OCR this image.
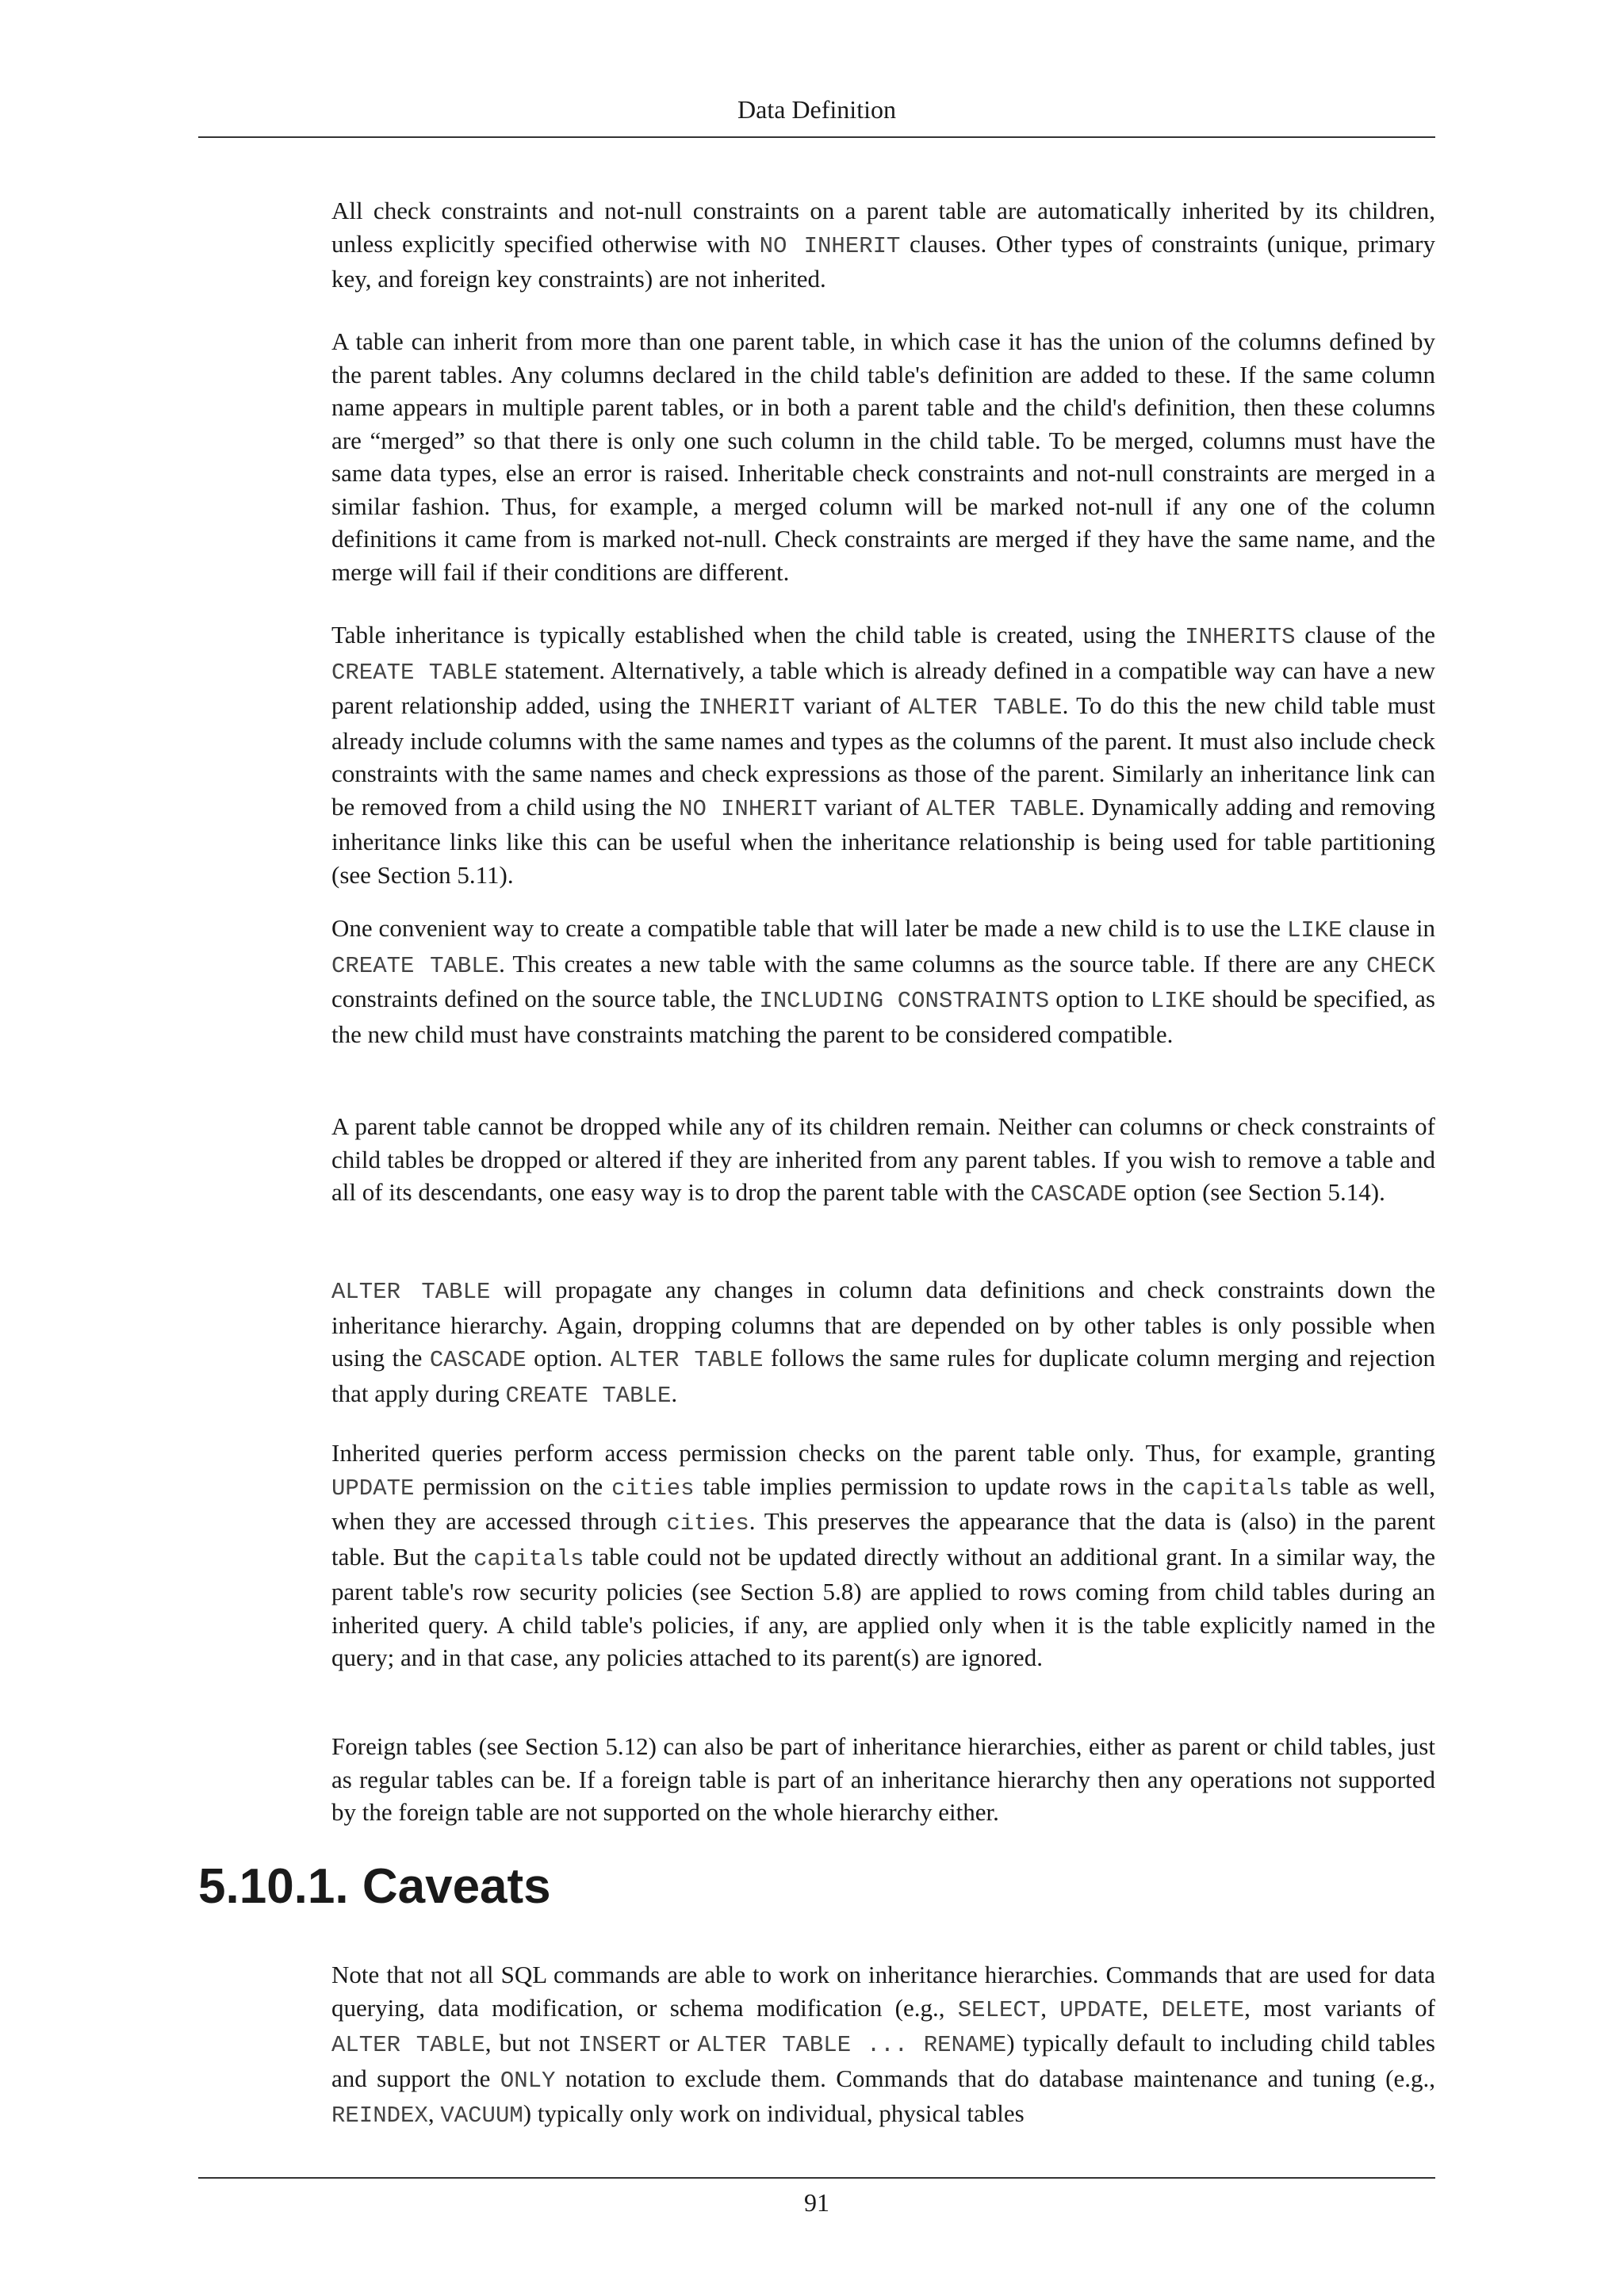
Data Definition

All check constraints and not-null constraints on a parent table are automatically inherited by its children, unless explicitly specified otherwise with NO INHERIT clauses. Other types of constraints (unique, primary key, and foreign key constraints) are not inherited.

A table can inherit from more than one parent table, in which case it has the union of the columns defined by the parent tables. Any columns declared in the child table's definition are added to these. If the same column name appears in multiple parent tables, or in both a parent table and the child's definition, then these columns are “merged” so that there is only one such column in the child table. To be merged, columns must have the same data types, else an error is raised. Inheritable check constraints and not-null constraints are merged in a similar fashion. Thus, for example, a merged column will be marked not-null if any one of the column definitions it came from is marked not-null. Check constraints are merged if they have the same name, and the merge will fail if their conditions are different.

Table inheritance is typically established when the child table is created, using the INHERITS clause of the CREATE TABLE statement. Alternatively, a table which is already defined in a compatible way can have a new parent relationship added, using the INHERIT variant of ALTER TABLE. To do this the new child table must already include columns with the same names and types as the columns of the parent. It must also include check constraints with the same names and check expressions as those of the parent. Similarly an inheritance link can be removed from a child using the NO INHERIT variant of ALTER TABLE. Dynamically adding and removing inheritance links like this can be useful when the inheritance relationship is being used for table partitioning (see Section 5.11).

One convenient way to create a compatible table that will later be made a new child is to use the LIKE clause in CREATE TABLE. This creates a new table with the same columns as the source table. If there are any CHECK constraints defined on the source table, the INCLUDING CONSTRAINTS option to LIKE should be specified, as the new child must have constraints matching the parent to be considered compatible.

A parent table cannot be dropped while any of its children remain. Neither can columns or check constraints of child tables be dropped or altered if they are inherited from any parent tables. If you wish to remove a table and all of its descendants, one easy way is to drop the parent table with the CASCADE option (see Section 5.14).

ALTER TABLE will propagate any changes in column data definitions and check constraints down the inheritance hierarchy. Again, dropping columns that are depended on by other tables is only possible when using the CASCADE option. ALTER TABLE follows the same rules for duplicate column merging and rejection that apply during CREATE TABLE.

Inherited queries perform access permission checks on the parent table only. Thus, for example, granting UPDATE permission on the cities table implies permission to update rows in the capitals table as well, when they are accessed through cities. This preserves the appearance that the data is (also) in the parent table. But the capitals table could not be updated directly without an additional grant. In a similar way, the parent table's row security policies (see Section 5.8) are applied to rows coming from child tables during an inherited query. A child table's policies, if any, are applied only when it is the table explicitly named in the query; and in that case, any policies attached to its parent(s) are ignored.

Foreign tables (see Section 5.12) can also be part of inheritance hierarchies, either as parent or child tables, just as regular tables can be. If a foreign table is part of an inheritance hierarchy then any operations not supported by the foreign table are not supported on the whole hierarchy either.

5.10.1. Caveats

Note that not all SQL commands are able to work on inheritance hierarchies. Commands that are used for data querying, data modification, or schema modification (e.g., SELECT, UPDATE, DELETE, most variants of ALTER TABLE, but not INSERT or ALTER TABLE ... RENAME) typically default to including child tables and support the ONLY notation to exclude them. Commands that do database maintenance and tuning (e.g., REINDEX, VACUUM) typically only work on individual, physical tables

91
